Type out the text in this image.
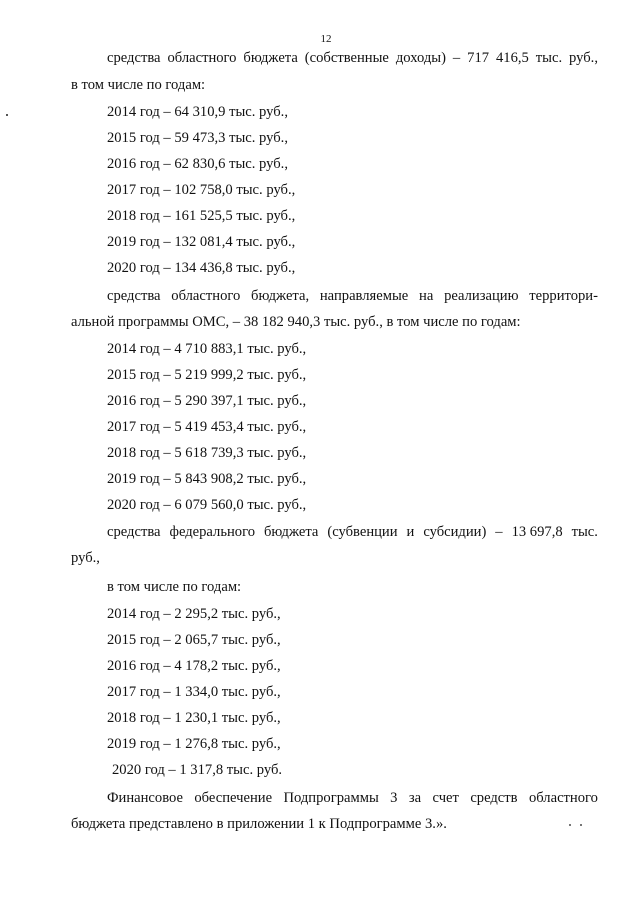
12
средства областного бюджета (собственные доходы) – 717 416,5 тыс. руб.,
в том числе по годам:
2014 год – 64 310,9 тыс. руб.,
2015 год – 59 473,3 тыс. руб.,
2016 год – 62 830,6 тыс. руб.,
2017 год – 102 758,0 тыс. руб.,
2018 год – 161 525,5 тыс. руб.,
2019 год – 132 081,4 тыс. руб.,
2020 год – 134 436,8 тыс. руб.,
средства областного бюджета, направляемые на реализацию территори-
альной программы ОМС, – 38 182 940,3 тыс. руб., в том числе по годам:
2014 год – 4 710 883,1 тыс. руб.,
2015 год – 5 219 999,2 тыс. руб.,
2016 год – 5 290 397,1 тыс. руб.,
2017 год – 5 419 453,4 тыс. руб.,
2018 год – 5 618 739,3 тыс. руб.,
2019 год – 5 843 908,2 тыс. руб.,
2020 год – 6 079 560,0 тыс. руб.,
средства федерального бюджета (субвенции и субсидии) – 13 697,8 тыс.
руб.,
в том числе по годам:
2014 год – 2 295,2 тыс. руб.,
2015 год – 2 065,7 тыс. руб.,
2016 год – 4 178,2 тыс. руб.,
2017 год – 1 334,0 тыс. руб.,
2018 год – 1 230,1 тыс. руб.,
2019 год – 1 276,8 тыс. руб.,
2020 год – 1 317,8 тыс. руб.
Финансовое обеспечение Подпрограммы 3 за счет средств областного
бюджета представлено в приложении 1 к Подпрограмме 3.».
